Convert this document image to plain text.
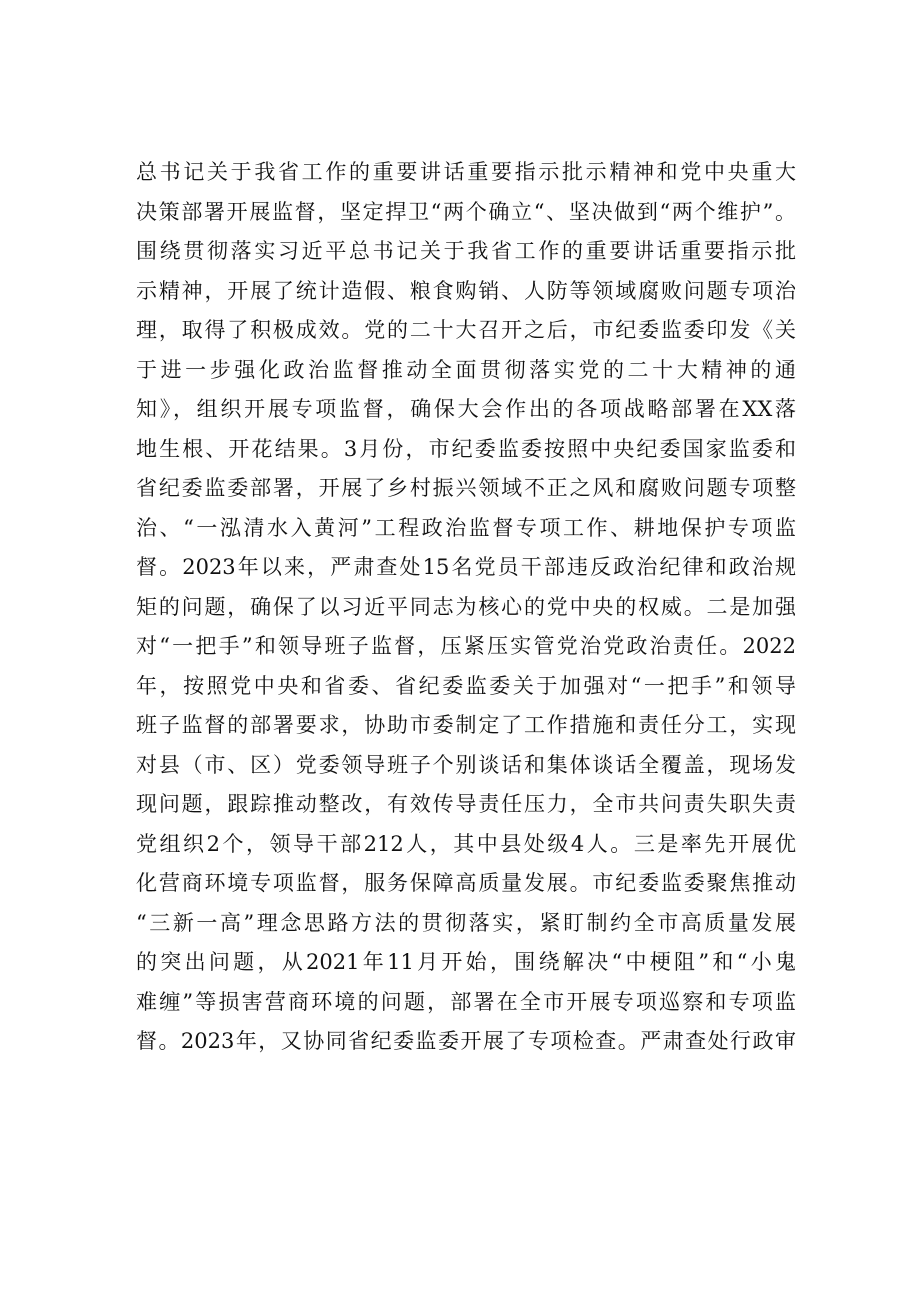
总书记关于我省工作的重要讲话重要指示批示精神和党中央重大
决策部署开展监督，坚定捍卫“两个确立“、坚决做到“两个维护”。
围绕贯彻落实习近平总书记关于我省工作的重要讲话重要指示批
示精神，开展了统计造假、粮食购销、人防等领域腐败问题专项治
理，取得了积极成效。党的二十大召开之后，市纪委监委印发《关
于进一步强化政治监督推动全面贯彻落实党的二十大精神的通
知》，组织开展专项监督，确保大会作出的各项战略部署在XX落
地生根、开花结果。3月份，市纪委监委按照中央纪委国家监委和
省纪委监委部署，开展了乡村振兴领域不正之风和腐败问题专项整
治、“一泓清水入黄河”工程政治监督专项工作、耕地保护专项监
督。2023年以来，严肃查处15名党员干部违反政治纪律和政治规
矩的问题，确保了以习近平同志为核心的党中央的权威。二是加强
对“一把手”和领导班子监督，压紧压实管党治党政治责任。2022
年，按照党中央和省委、省纪委监委关于加强对“一把手”和领导
班子监督的部署要求，协助市委制定了工作措施和责任分工，实现
对县（市、区）党委领导班子个别谈话和集体谈话全覆盖，现场发
现问题，跟踪推动整改，有效传导责任压力，全市共问责失职失责
党组织2个，领导干部212人，其中县处级4人。三是率先开展优
化营商环境专项监督，服务保障高质量发展。市纪委监委聚焦推动
“三新一高”理念思路方法的贯彻落实，紧盯制约全市高质量发展
的突出问题，从2021年11月开始，围绕解决“中梗阻”和“小鬼
难缠”等损害营商环境的问题，部署在全市开展专项巡察和专项监
督。2023年，又协同省纪委监委开展了专项检查。严肃查处行政审
